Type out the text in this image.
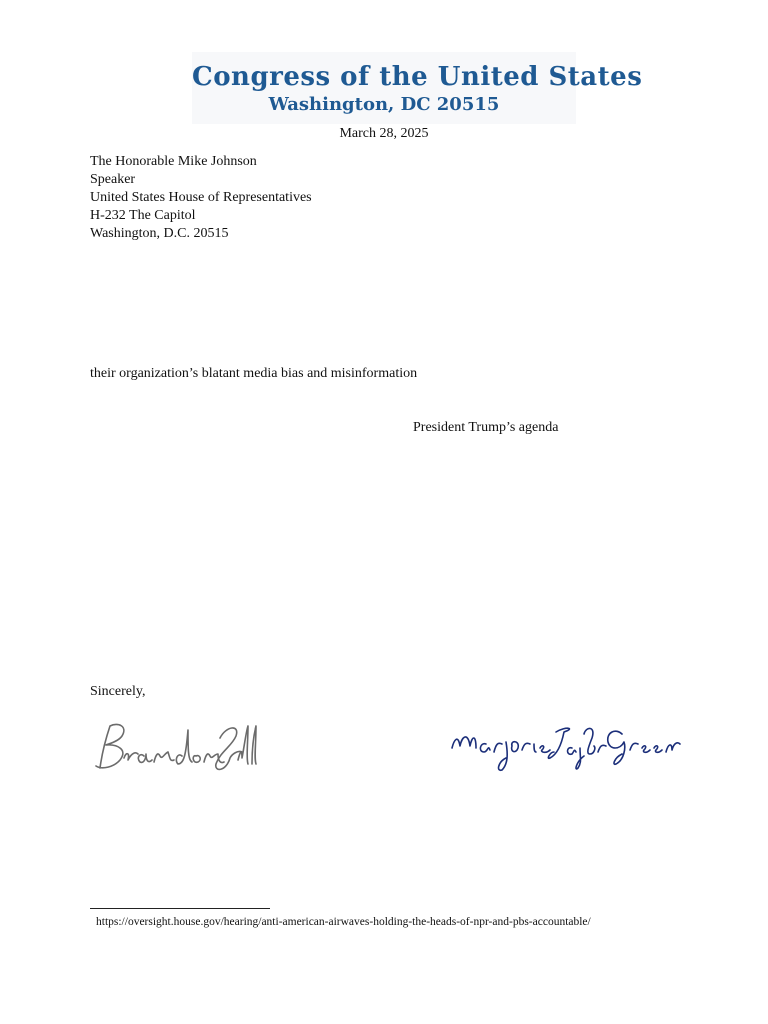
Congress of the United States
Washington, DC 20515
March 28, 2025
The Honorable Mike Johnson
Speaker
United States House of Representatives
H-232 The Capitol
Washington, D.C. 20515
their organization’s blatant media bias and misinformation
President Trump’s agenda
Sincerely,
https://oversight.house.gov/hearing/anti-american-airwaves-holding-the-heads-of-npr-and-pbs-accountable/
